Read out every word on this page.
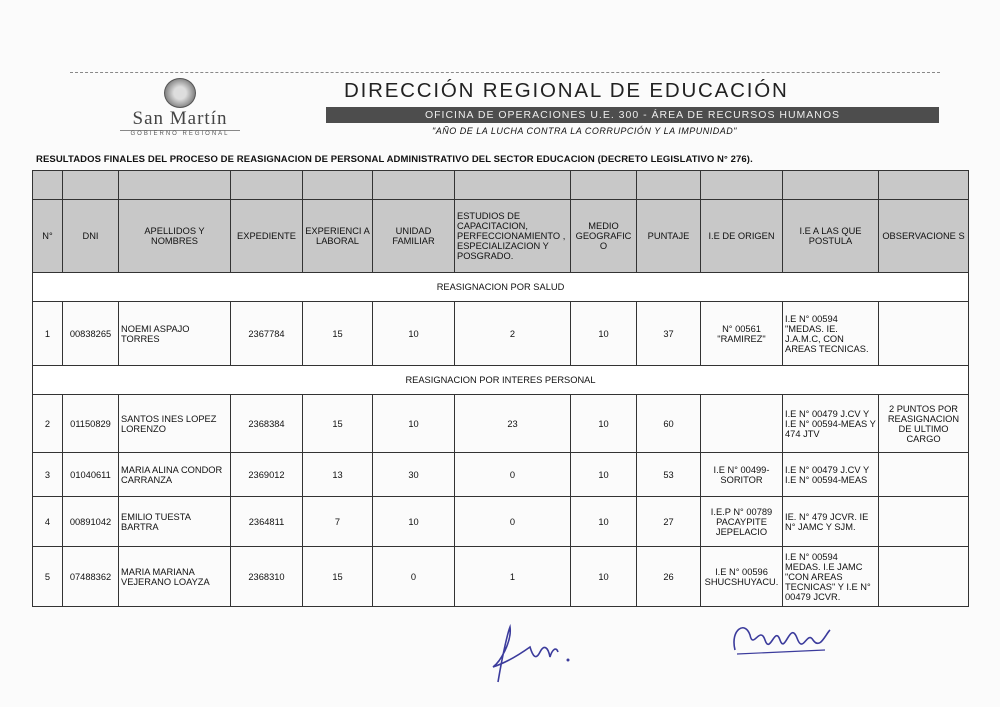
San Martín
GOBIERNO REGIONAL
DIRECCIÓN REGIONAL DE EDUCACIÓN
OFICINA DE OPERACIONES U.E. 300 - ÁREA DE RECURSOS HUMANOS
"AÑO DE LA LUCHA CONTRA LA CORRUPCIÓN Y LA IMPUNIDAD"
RESULTADOS FINALES DEL PROCESO DE REASIGNACION DE PERSONAL ADMINISTRATIVO DEL SECTOR EDUCACION (DECRETO LEGISLATIVO N° 276).

N°	DNI	APELLIDOS Y NOMBRES	EXPEDIENTE	EXPERIENCI A LABORAL	UNIDAD FAMILIAR	ESTUDIOS DE CAPACITACION, PERFECCIONAMIENTO , ESPECIALIZACION Y POSGRADO.	MEDIO GEOGRAFIC O	PUNTAJE	I.E DE ORIGEN	I.E A LAS QUE POSTULA	OBSERVACIONE S
REASIGNACION POR SALUD											
1	00838265	NOEMI ASPAJO TORRES	2367784	15	10	2	10	37	N° 00561 "RAMIREZ"	I.E N° 00594 "MEDAS. IE. J.A.M.C, CON AREAS TECNICAS.	
REASIGNACION POR INTERES PERSONAL											
2	01150829	SANTOS INES LOPEZ LORENZO	2368384	15	10	23	10	60		I.E N° 00479 J.CV Y I.E N° 00594-MEAS Y 474 JTV	2 PUNTOS POR REASIGNACION DE ULTIMO CARGO
3	01040611	MARIA ALINA CONDOR CARRANZA	2369012	13	30	0	10	53	I.E N° 00499-SORITOR	I.E N° 00479 J.CV Y I.E N° 00594-MEAS	
4	00891042	EMILIO TUESTA BARTRA	2364811	7	10	0	10	27	I.E.P N° 00789 PACAYPITE JEPELACIO	IE. N° 479 JCVR. IE N° JAMC Y SJM.	
5	07488362	MARIA MARIANA VEJERANO LOAYZA	2368310	15	0	1	10	26	I.E N° 00596 SHUCSHUYACU.	I.E N° 00594 MEDAS. I.E JAMC "CON AREAS TECNICAS" Y I.E N° 00479 JCVR.	
